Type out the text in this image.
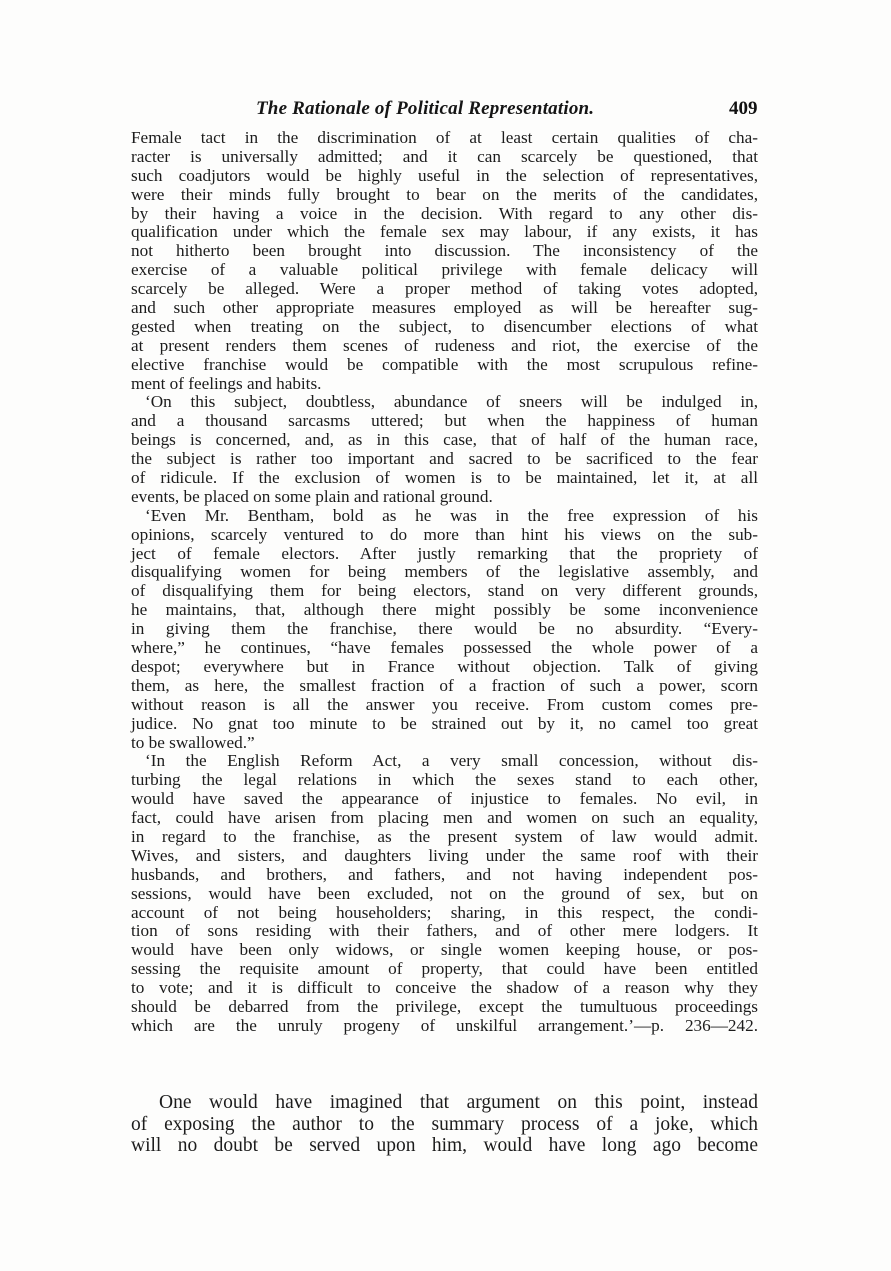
The Rationale of Political Representation.	409
Female tact in the discrimination of at least certain qualities of cha-
racter is universally admitted; and it can scarcely be questioned, that
such coadjutors would be highly useful in the selection of representatives,
were their minds fully brought to bear on the merits of the candidates,
by their having a voice in the decision. With regard to any other dis-
qualification under which the female sex may labour, if any exists, it has
not hitherto been brought into discussion. The inconsistency of the
exercise of a valuable political privilege with female delicacy will
scarcely be alleged. Were a proper method of taking votes adopted,
and such other appropriate measures employed as will be hereafter sug-
gested when treating on the subject, to disencumber elections of what
at present renders them scenes of rudeness and riot, the exercise of the
elective franchise would be compatible with the most scrupulous refine-
ment of feelings and habits.
‘On this subject, doubtless, abundance of sneers will be indulged in,
and a thousand sarcasms uttered; but when the happiness of human
beings is concerned, and, as in this case, that of half of the human race,
the subject is rather too important and sacred to be sacrificed to the fear
of ridicule. If the exclusion of women is to be maintained, let it, at all
events, be placed on some plain and rational ground.
‘Even Mr. Bentham, bold as he was in the free expression of his
opinions, scarcely ventured to do more than hint his views on the sub-
ject of female electors. After justly remarking that the propriety of
disqualifying women for being members of the legislative assembly, and
of disqualifying them for being electors, stand on very different grounds,
he maintains, that, although there might possibly be some inconvenience
in giving them the franchise, there would be no absurdity. “Every-
where,” he continues, “have females possessed the whole power of a
despot; everywhere but in France without objection. Talk of giving
them, as here, the smallest fraction of a fraction of such a power, scorn
without reason is all the answer you receive. From custom comes pre-
judice. No gnat too minute to be strained out by it, no camel too great
to be swallowed.”
‘In the English Reform Act, a very small concession, without dis-
turbing the legal relations in which the sexes stand to each other,
would have saved the appearance of injustice to females. No evil, in
fact, could have arisen from placing men and women on such an equality,
in regard to the franchise, as the present system of law would admit.
Wives, and sisters, and daughters living under the same roof with their
husbands, and brothers, and fathers, and not having independent pos-
sessions, would have been excluded, not on the ground of sex, but on
account of not being householders; sharing, in this respect, the condi-
tion of sons residing with their fathers, and of other mere lodgers. It
would have been only widows, or single women keeping house, or pos-
sessing the requisite amount of property, that could have been entitled
to vote; and it is difficult to conceive the shadow of a reason why they
should be debarred from the privilege, except the tumultuous proceedings
which are the unruly progeny of unskilful arrangement.’—p. 236—242.
One would have imagined that argument on this point, instead
of exposing the author to the summary process of a joke, which
will no doubt be served upon him, would have long ago become
